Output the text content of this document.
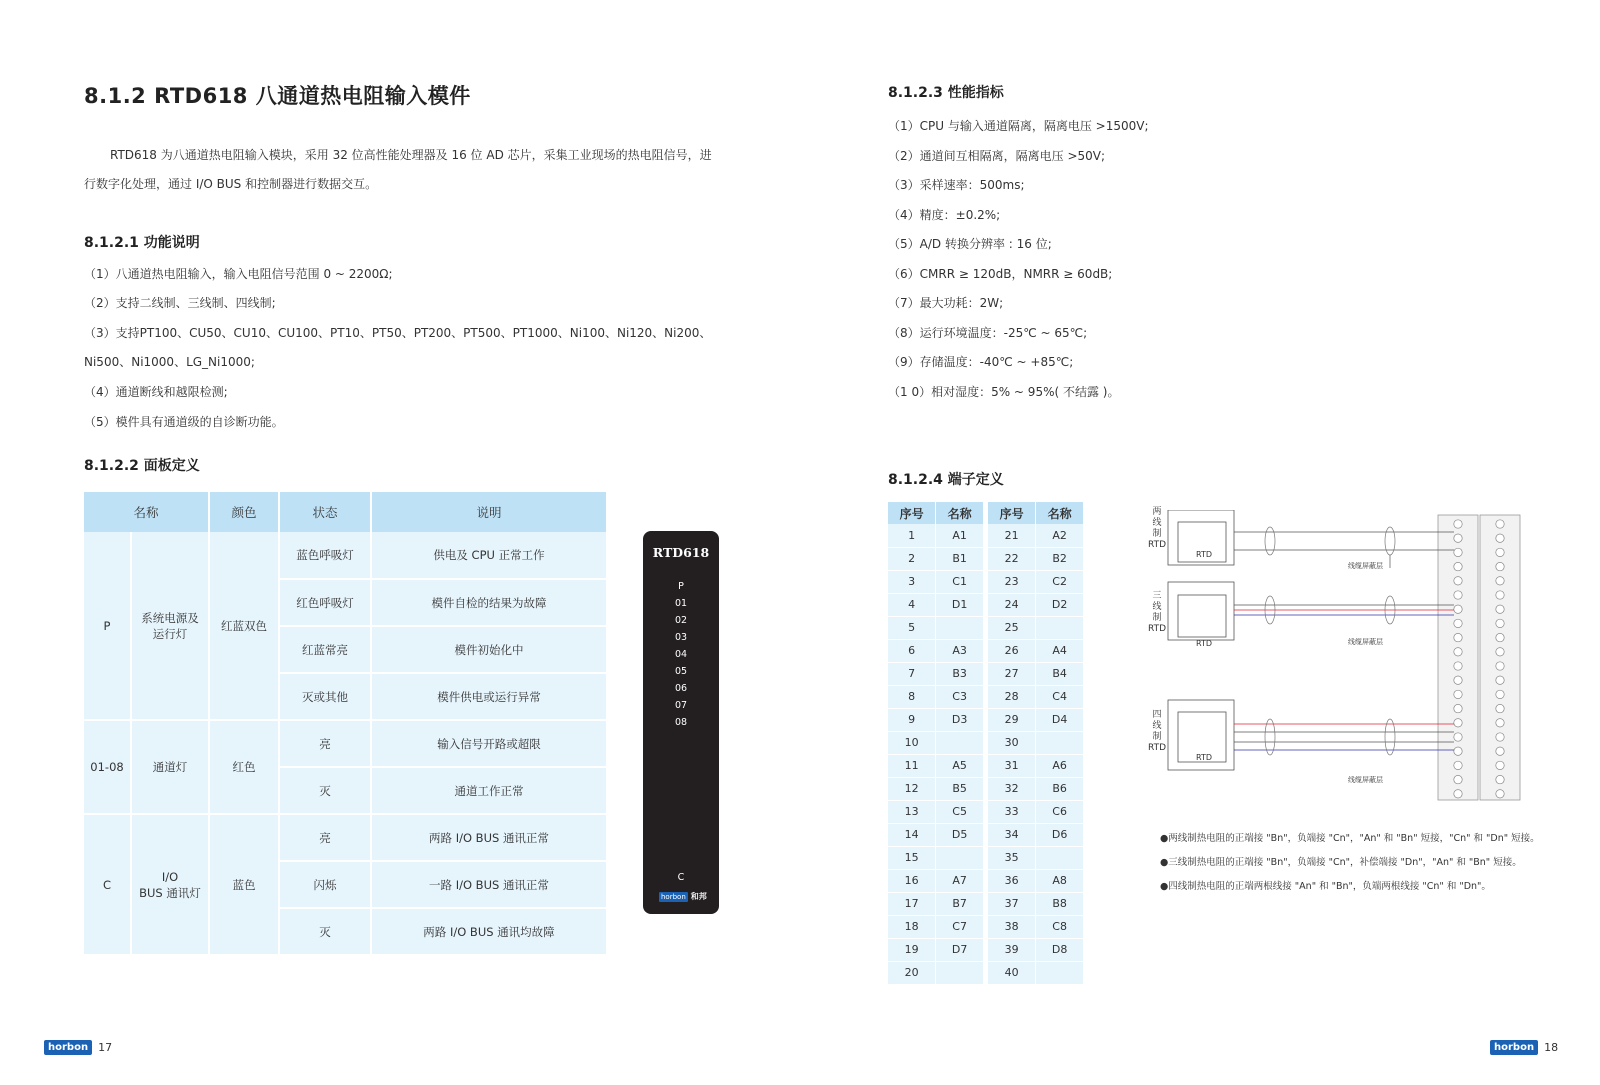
8.1.2 RTD618 八通道热电阻输入模件
RTD618 为八通道热电阻输入模块，采用 32 位高性能处理器及 16 位 AD 芯片，采集工业现场的热电阻信号，进
行数字化处理，通过 I/O BUS 和控制器进行数据交互。
8.1.2.1 功能说明
（1）八通道热电阻输入，输入电阻信号范围 0 ~ 2200Ω;
（2）支持二线制、三线制、四线制;
（3）支持PT100、CU50、CU10、CU100、PT10、PT50、PT200、PT500、PT1000、Ni100、Ni120、Ni200、
Ni500、Ni1000、LG_Ni1000;
（4）通道断线和越限检测;
（5）模件具有通道级的自诊断功能。
8.1.2.2 面板定义
名称		颜色	状态	说明
P	系统电源及
运行灯	红蓝双色	蓝色呼吸灯	供电及 CPU 正常工作
			红色呼吸灯	模件自检的结果为故障
			红蓝常亮	模件初始化中
			灭或其他	模件供电或运行异常
01-08	通道灯	红色	亮	输入信号开路或超限
			灭	通道工作正常
C	I/O
BUS 通讯灯	蓝色	亮	两路 I/O BUS 通讯正常
			闪烁	一路 I/O BUS 通讯正常
			灭	两路 I/O BUS 通讯均故障
RTD618
P
01
02
03
04
05
06
07
08
C
horbon 和邦
horbon 17
8.1.2.3 性能指标
（1）CPU 与输入通道隔离，隔离电压 >1500V;
（2）通道间互相隔离，隔离电压 >50V;
（3）采样速率：500ms;
（4）精度：±0.2%;
（5）A/D 转换分辨率 : 16 位;
（6）CMRR ≥ 120dB，NMRR ≥ 60dB;
（7）最大功耗：2W;
（8）运行环境温度：-25℃ ~ 65℃;
（9）存储温度：-40℃ ~ +85℃;
（1 0）相对湿度：5% ~ 95%( 不结露 )。
8.1.2.4 端子定义
序号	名称
1	A1
2	B1
3	C1
4	D1
5	
6	A3
7	B3
8	C3
9	D3
10	
11	A5
12	B5
13	C5
14	D5
15	
16	A7
17	B7
18	C7
19	D7
20	
序号	名称
21	A2
22	B2
23	C2
24	D2
25	
26	A4
27	B4
28	C4
29	D4
30	
31	A6
32	B6
33	C6
34	D6
35	
36	A8
37	B8
38	C8
39	D8
40	
两
线
制
RTD
三
线
制
RTD
四
线
制
RTD
RTD
RTD
RTD
线缆屏蔽层
线缆屏蔽层
线缆屏蔽层
●两线制热电阻的正端接 "Bn"，负端接 "Cn"，"An" 和 "Bn" 短接，"Cn" 和 "Dn" 短接。
●三线制热电阻的正端接 "Bn"，负端接 "Cn"，补偿端接 "Dn"，"An" 和 "Bn" 短接。
●四线制热电阻的正端两根线接 "An" 和 "Bn"，负端两根线接 "Cn" 和 "Dn"。
horbon 18
